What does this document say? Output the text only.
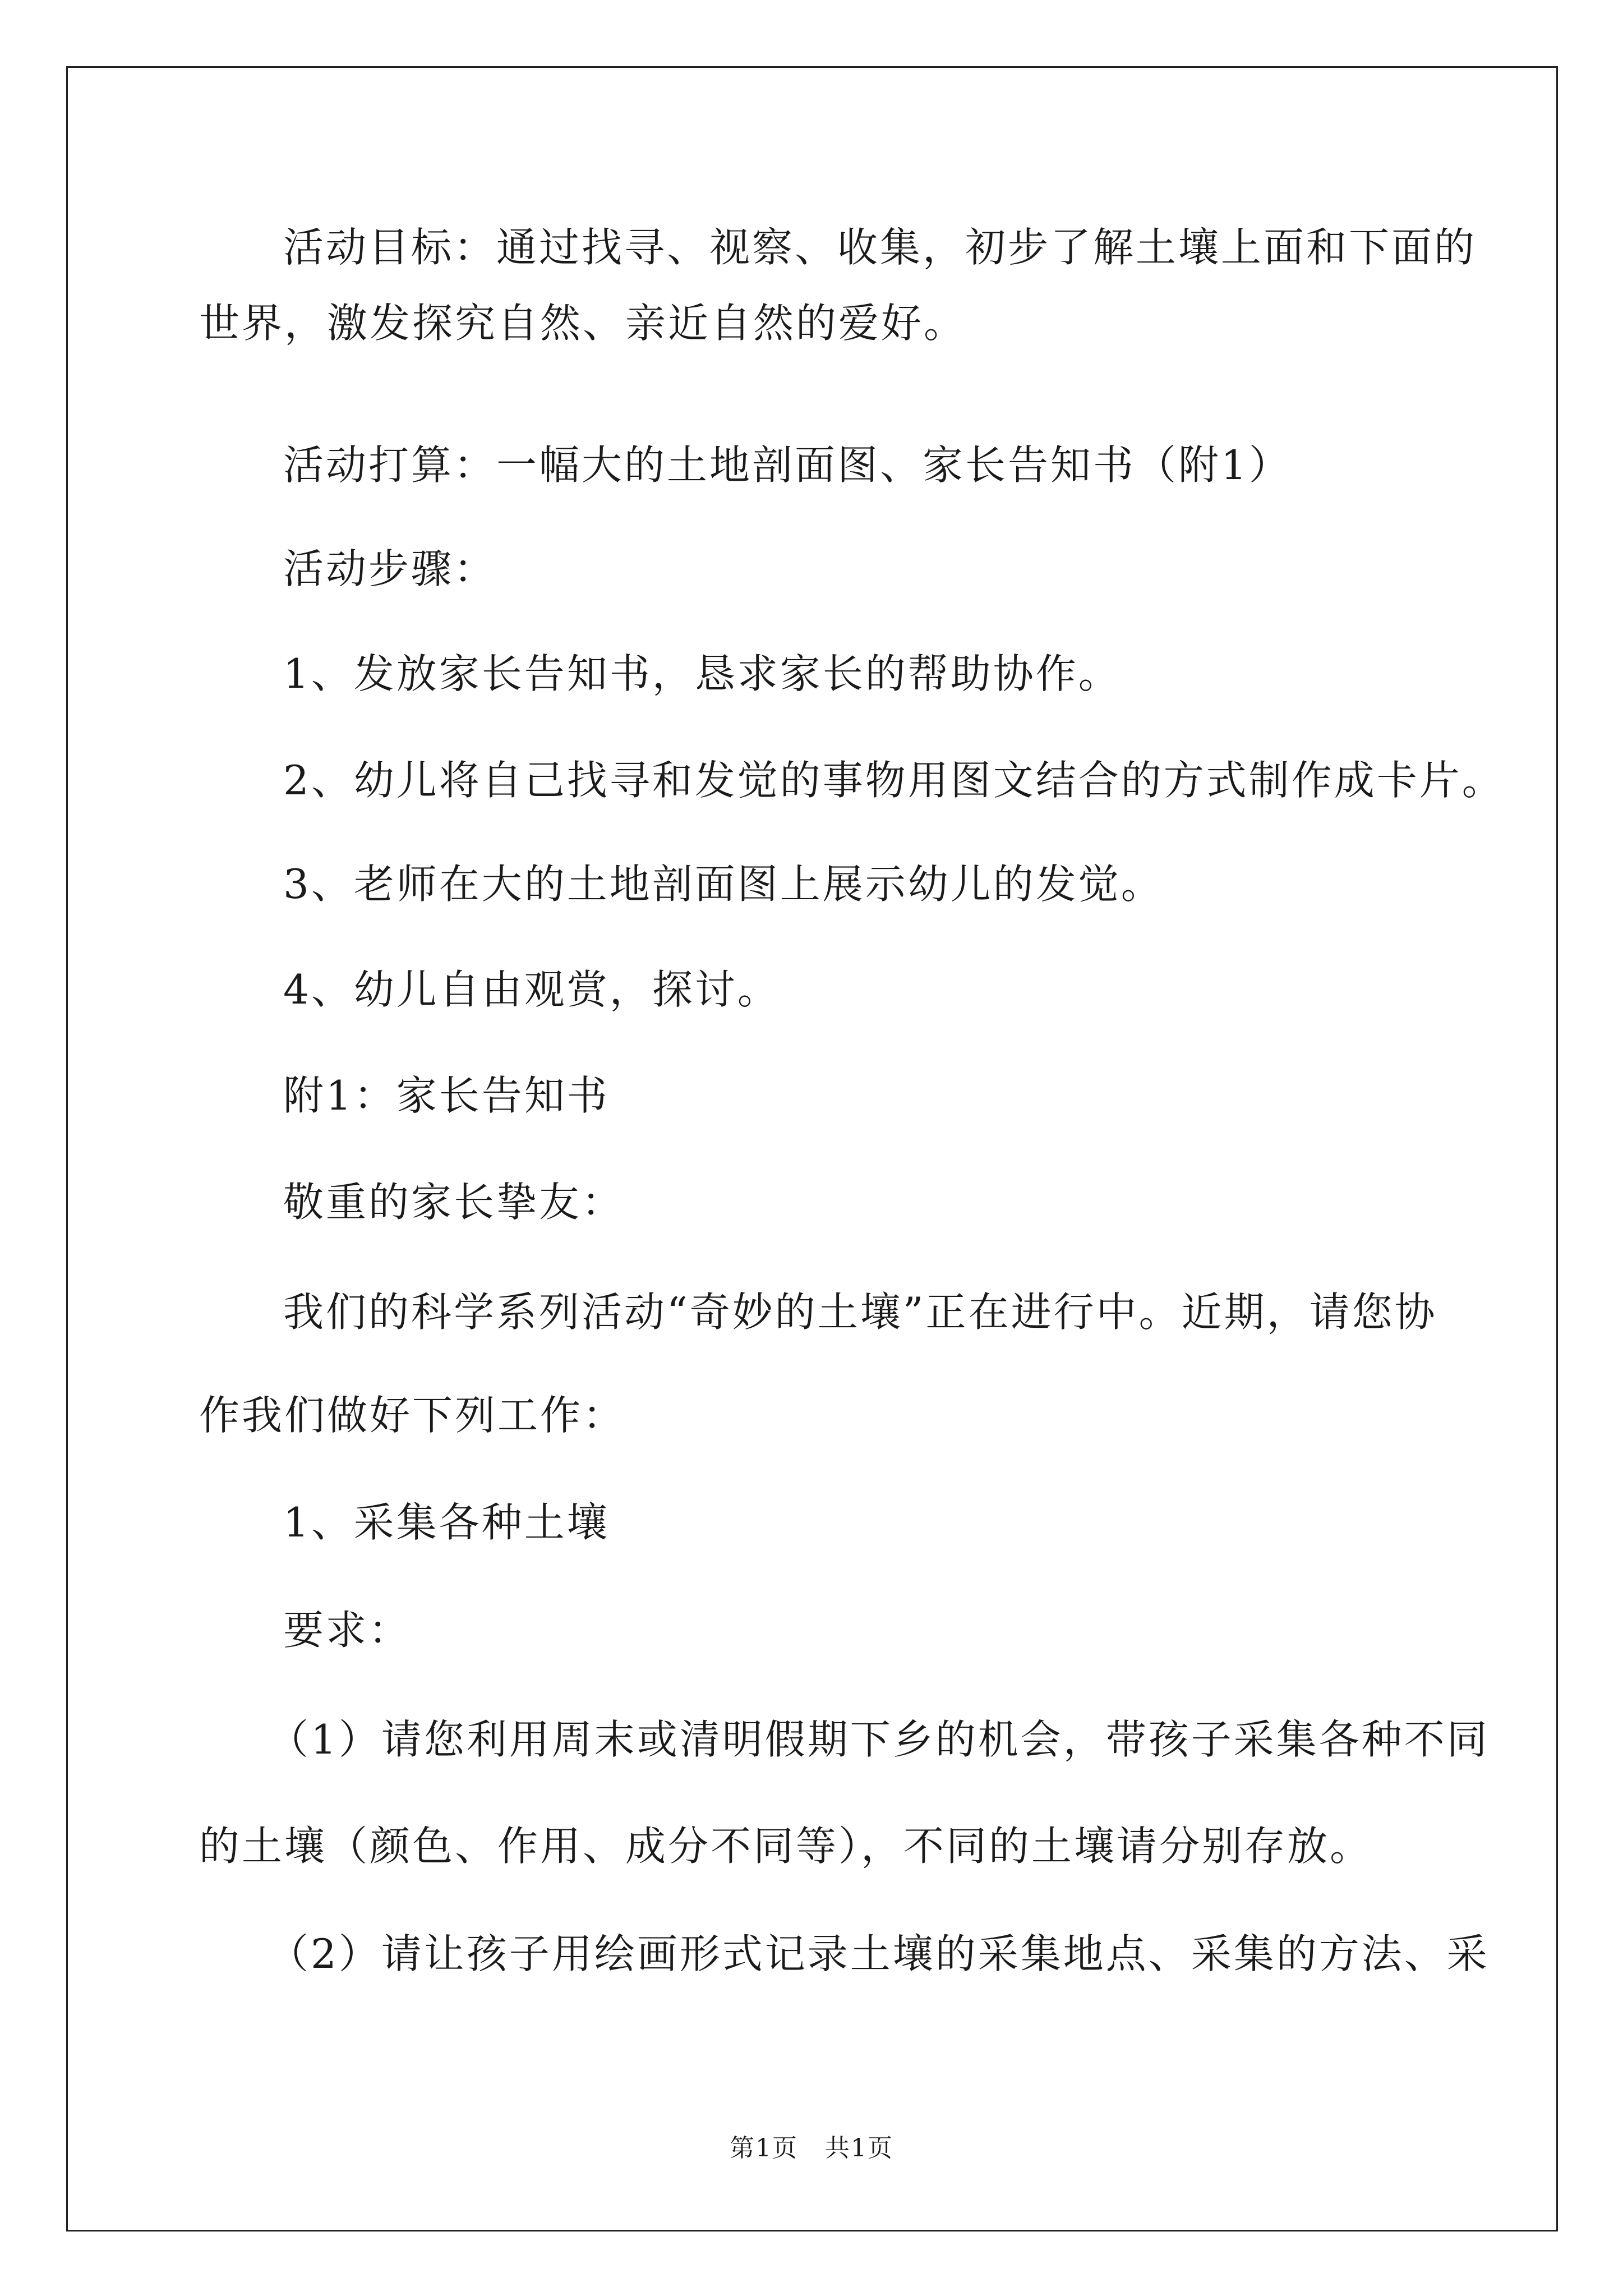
活动目标：通过找寻、视察、收集，初步了解土壤上面和下面的
世界，激发探究自然、亲近自然的爱好。
活动打算：一幅大的土地剖面图、家长告知书（附1）
活动步骤：
1、发放家长告知书，恳求家长的帮助协作。
2、幼儿将自己找寻和发觉的事物用图文结合的方式制作成卡片。
3、老师在大的土地剖面图上展示幼儿的发觉。
4、幼儿自由观赏，探讨。
附1：家长告知书
敬重的家长挚友：
我们的科学系列活动“奇妙的土壤”正在进行中。近期，请您协
作我们做好下列工作：
1、采集各种土壤
要求：
（1）请您利用周末或清明假期下乡的机会，带孩子采集各种不同
的土壤（颜色、作用、成分不同等），不同的土壤请分别存放。
（2）请让孩子用绘画形式记录土壤的采集地点、采集的方法、采
第1页   共1页
